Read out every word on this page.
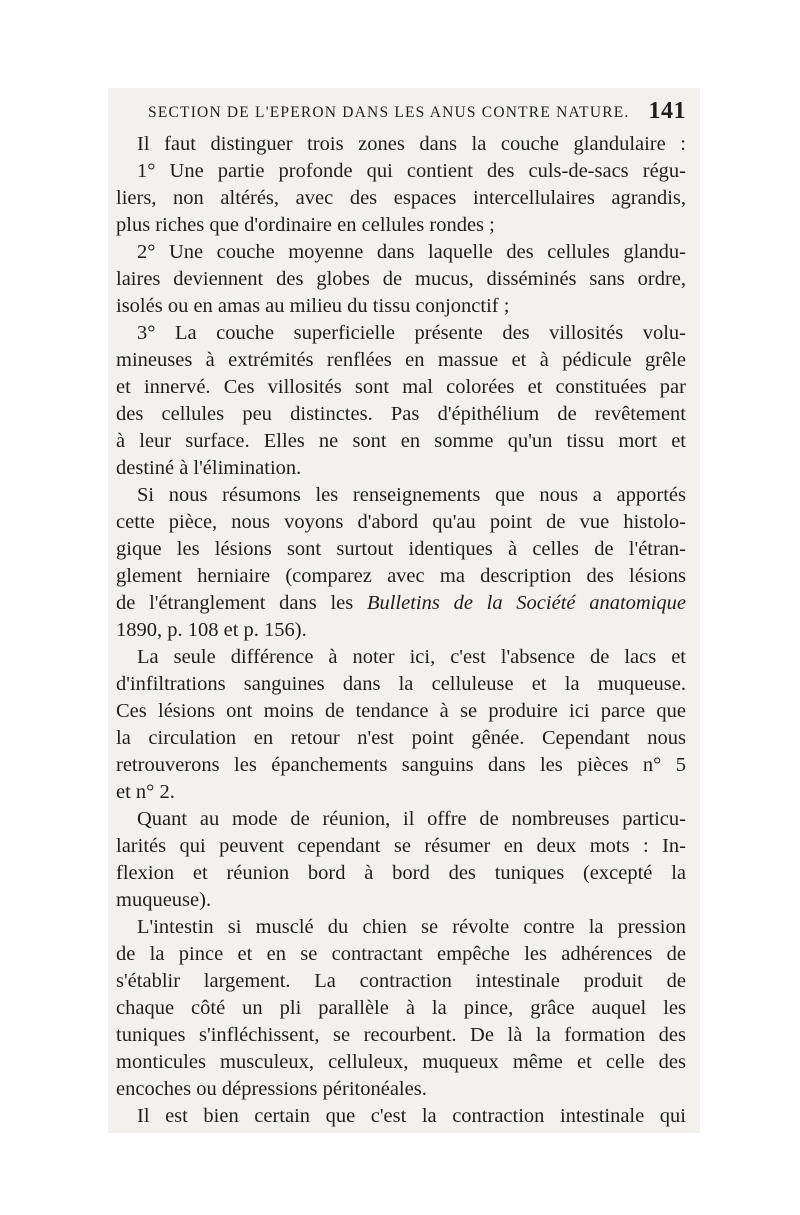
SECTION DE L'EPERON DANS LES ANUS CONTRE NATURE. 141
Il faut distinguer trois zones dans la couche glandulaire :
1° Une partie profonde qui contient des culs-de-sacs régu-
liers, non altérés, avec des espaces intercellulaires agrandis,
plus riches que d'ordinaire en cellules rondes ;
2° Une couche moyenne dans laquelle des cellules glandu-
laires deviennent des globes de mucus, disséminés sans ordre,
isolés ou en amas au milieu du tissu conjonctif ;
3° La couche superficielle présente des villosités volu-
mineuses à extrémités renflées en massue et à pédicule grêle
et innervé. Ces villosités sont mal colorées et constituées par
des cellules peu distinctes. Pas d'épithélium de revêtement
à leur surface. Elles ne sont en somme qu'un tissu mort et
destiné à l'élimination.
Si nous résumons les renseignements que nous a apportés
cette pièce, nous voyons d'abord qu'au point de vue histolo-
gique les lésions sont surtout identiques à celles de l'étran-
glement herniaire (comparez avec ma description des lésions
de l'étranglement dans les Bulletins de la Société anatomique
1890, p. 108 et p. 156).
La seule différence à noter ici, c'est l'absence de lacs et
d'infiltrations sanguines dans la celluleuse et la muqueuse.
Ces lésions ont moins de tendance à se produire ici parce que
la circulation en retour n'est point gênée. Cependant nous
retrouverons les épanchements sanguins dans les pièces n° 5
et n° 2.
Quant au mode de réunion, il offre de nombreuses particu-
larités qui peuvent cependant se résumer en deux mots : In-
flexion et réunion bord à bord des tuniques (excepté la
muqueuse).
L'intestin si musclé du chien se révolte contre la pression
de la pince et en se contractant empêche les adhérences de
s'établir largement. La contraction intestinale produit de
chaque côté un pli parallèle à la pince, grâce auquel les
tuniques s'infléchissent, se recourbent. De là la formation des
monticules musculeux, celluleux, muqueux même et celle des
encoches ou dépressions péritonéales.
Il est bien certain que c'est la contraction intestinale qui
